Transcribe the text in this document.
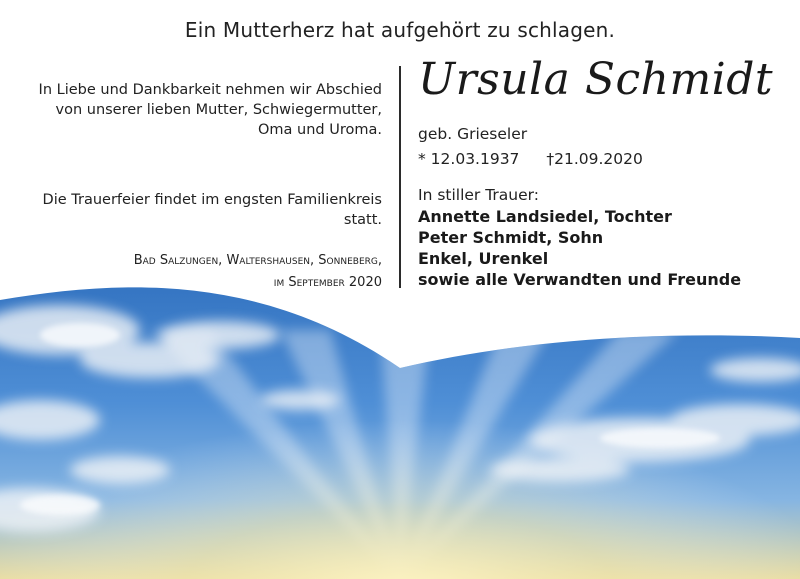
Ein Mutterherz hat aufgehört zu schlagen.
In Liebe und Dankbarkeit nehmen wir Abschied von unserer lieben Mutter, Schwiegermutter, Oma und Uroma.
Die Trauerfeier findet im engsten Familienkreis statt.
Bad Salzungen, Waltershausen, Sonneberg,
im September 2020
Ursula Schmidt
geb. Grieseler
* 12.03.1937 †21.09.2020
In stiller Trauer:
Annette Landsiedel, Tochter
Peter Schmidt, Sohn
Enkel, Urenkel
sowie alle Verwandten und Freunde
